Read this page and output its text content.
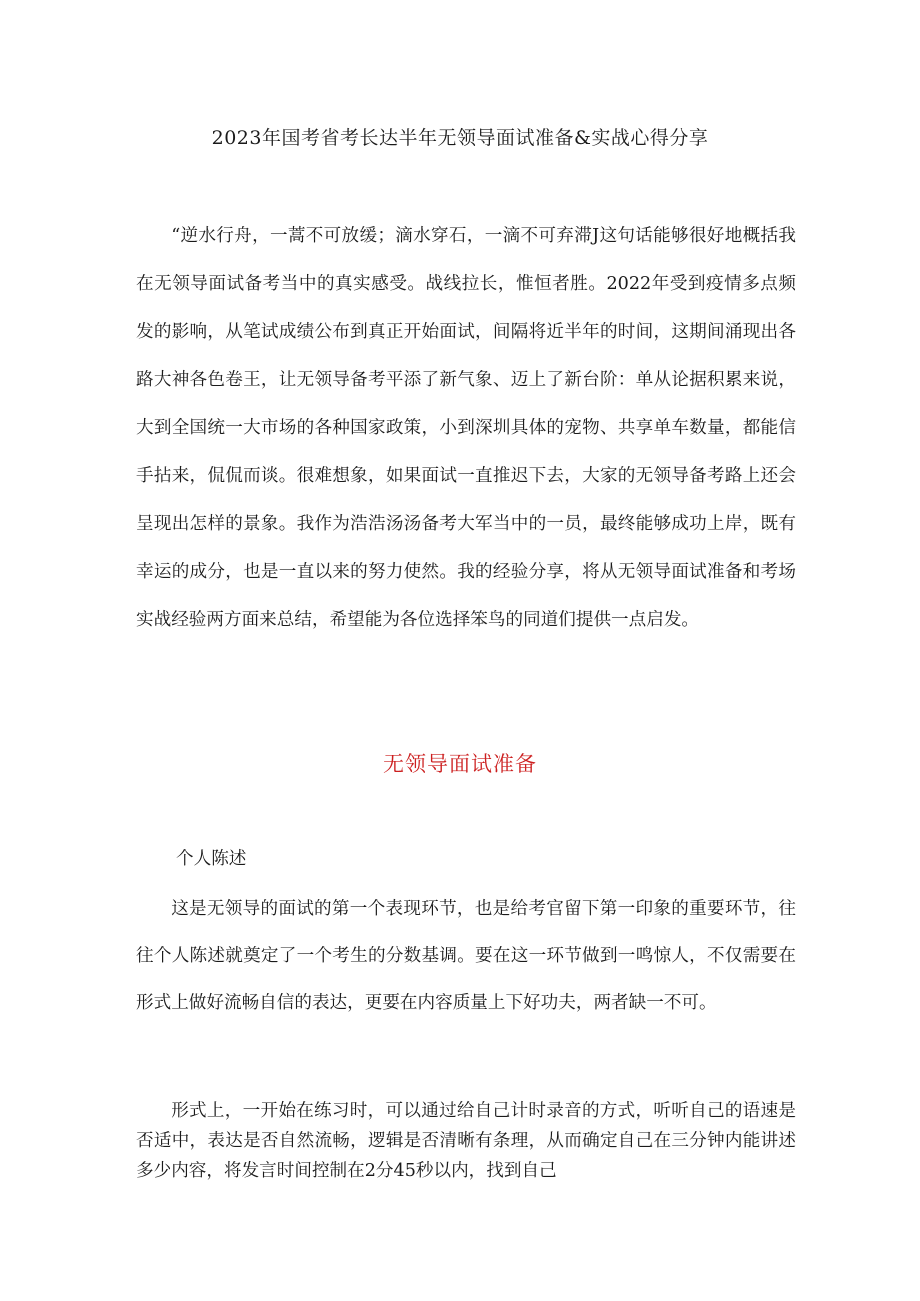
2023年国考省考长达半年无领导面试准备&实战心得分享
“逆水行舟，一蒿不可放缓；滴水穿石，一滴不可弃滞J这句话能够很好地概括我在无领导面试备考当中的真实感受。战线拉长，惟恒者胜。2022年受到疫情多点频发的影响，从笔试成绩公布到真正开始面试，间隔将近半年的时间，这期间涌现出各路大神各色卷王，让无领导备考平添了新气象、迈上了新台阶：单从论据积累来说，大到全国统一大市场的各种国家政策，小到深圳具体的宠物、共享单车数量，都能信手拈来，侃侃而谈。很难想象，如果面试一直推迟下去，大家的无领导备考路上还会呈现出怎样的景象。我作为浩浩汤汤备考大军当中的一员，最终能够成功上岸，既有幸运的成分，也是一直以来的努力使然。我的经验分享，将从无领导面试准备和考场实战经验两方面来总结，希望能为各位选择笨鸟的同道们提供一点启发。
无领导面试准备
个人陈述
这是无领导的面试的第一个表现环节，也是给考官留下第一印象的重要环节，往往个人陈述就奠定了一个考生的分数基调。要在这一环节做到一鸣惊人，不仅需要在形式上做好流畅自信的表达，更要在内容质量上下好功夫，两者缺一不可。
形式上，一开始在练习时，可以通过给自己计时录音的方式，听听自己的语速是否适中，表达是否自然流畅，逻辑是否清晰有条理，从而确定自己在三分钟内能讲述多少内容，将发言时间控制在2分45秒以内，找到自己
